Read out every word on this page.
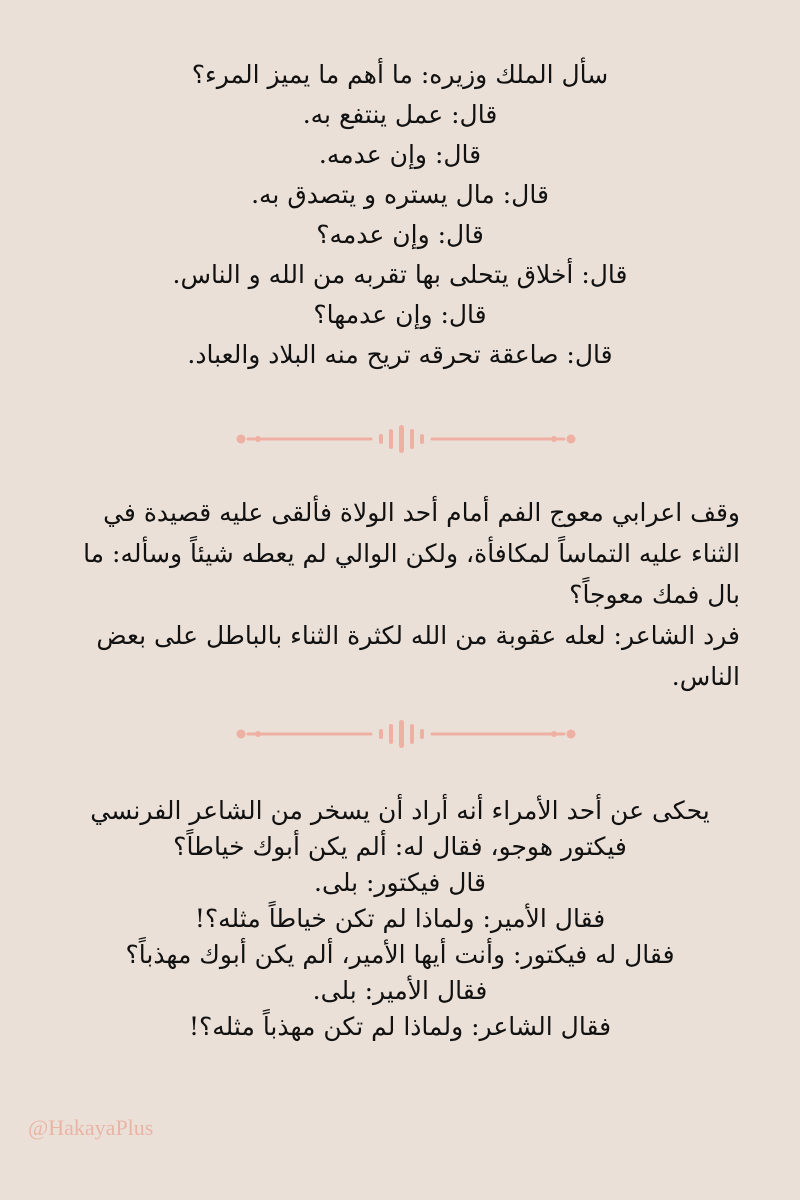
سأل الملك وزيره: ما أهم ما يميز المرء؟
قال: عمل ينتفع به.
قال: وإن عدمه.
قال: مال يستره و يتصدق به.
قال: وإن عدمه؟
قال: أخلاق يتحلى بها تقربه من الله و الناس.
قال: وإن عدمها؟
قال: صاعقة تحرقه تريح منه البلاد والعباد.
وقف اعرابي معوج الفم أمام أحد الولاة فألقى عليه قصيدة في
الثناء عليه التماساً لمكافأة، ولكن الوالي لم يعطه شيئاً وسأله: ما
بال فمك معوجاً؟
فرد الشاعر: لعله عقوبة من الله لكثرة الثناء بالباطل على بعض
الناس.
يحكى عن أحد الأمراء أنه أراد أن يسخر من الشاعر الفرنسي
فيكتور هوجو، فقال له: ألم يكن أبوك خياطاً؟
قال فيكتور: بلى.
فقال الأمير: ولماذا لم تكن خياطاً مثله؟!
فقال له فيكتور: وأنت أيها الأمير، ألم يكن أبوك مهذباً؟
فقال الأمير: بلى.
فقال الشاعر: ولماذا لم تكن مهذباً مثله؟!
@HakayaPlus
